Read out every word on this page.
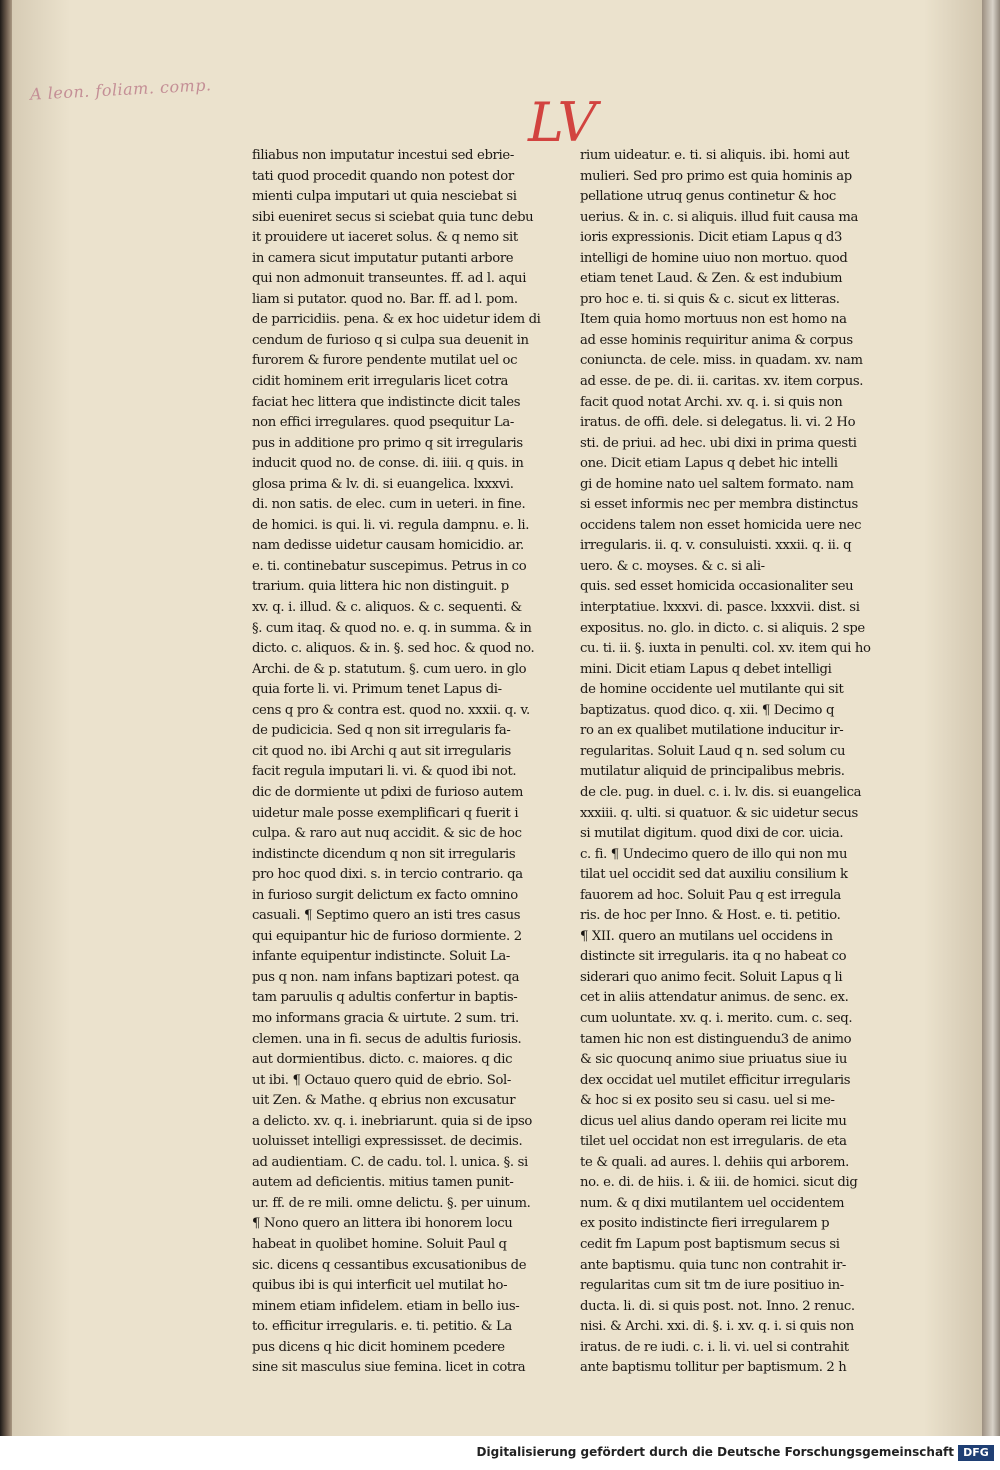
A leon. foliam. comp.
LV
filiabus non imputatur incestui sed ebrie-
tati quod procedit quando non potest dor
mienti culpa imputari ut quia nesciebat si
sibi eueniret secus si sciebat quia tunc debu
it prouidere ut iaceret solus. & q nemo sit
in camera sicut imputatur putanti arbore
qui non admonuit transeuntes. ff. ad l. aqui
liam si putator. quod no. Bar. ff. ad l. pom.
de parricidiis. pena. & ex hoc uidetur idem di
cendum de furioso q si culpa sua deuenit in
furorem & furore pendente mutilat uel oc
cidit hominem erit irregularis licet cotra
faciat hec littera que indistincte dicit tales
non effici irregulares. quod psequitur La-
pus in additione pro primo q sit irregularis
inducit quod no. de conse. di. iiii. q quis. in
glosa prima & lv. di. si euangelica. lxxxvi.
di. non satis. de elec. cum in ueteri. in fine.
de homici. is qui. li. vi. regula dampnu. e. li.
nam dedisse uidetur causam homicidio. ar.
e. ti. continebatur suscepimus. Petrus in co
trarium. quia littera hic non distinguit. p
xv. q. i. illud. & c. aliquos. & c. sequenti. &
§. cum itaq. & quod no. e. q. in summa. & in
dicto. c. aliquos. & in. §. sed hoc. & quod no.
Archi. de & p. statutum. §. cum uero. in glo
quia forte li. vi. Primum tenet Lapus di-
cens q pro & contra est. quod no. xxxii. q. v.
de pudicicia. Sed q non sit irregularis fa-
cit quod no. ibi Archi q aut sit irregularis
facit regula imputari li. vi. & quod ibi not.
dic de dormiente ut pdixi de furioso autem
uidetur male posse exemplificari q fuerit i
culpa. & raro aut nuq accidit. & sic de hoc
indistincte dicendum q non sit irregularis
pro hoc quod dixi. s. in tercio contrario. qa
in furioso surgit delictum ex facto omnino
casuali. ¶ Septimo quero an isti tres casus
qui equipantur hic de furioso dormiente. 2
infante equipentur indistincte. Soluit La-
pus q non. nam infans baptizari potest. qa
tam paruulis q adultis confertur in baptis-
mo informans gracia & uirtute. 2 sum. tri.
clemen. una in fi. secus de adultis furiosis.
aut dormientibus. dicto. c. maiores. q dic
ut ibi. ¶ Octauo quero quid de ebrio. Sol-
uit Zen. & Mathe. q ebrius non excusatur
a delicto. xv. q. i. inebriarunt. quia si de ipso
uoluisset intelligi expressisset. de decimis.
ad audientiam. C. de cadu. tol. l. unica. §. si
autem ad deficientis. mitius tamen punit-
ur. ff. de re mili. omne delictu. §. per uinum.
¶ Nono quero an littera ibi honorem locu
habeat in quolibet homine. Soluit Paul q
sic. dicens q cessantibus excusationibus de
quibus ibi is qui interficit uel mutilat ho-
minem etiam infidelem. etiam in bello ius-
to. efficitur irregularis. e. ti. petitio. & La
pus dicens q hic dicit hominem pcedere
sine sit masculus siue femina. licet in cotra
rium uideatur. e. ti. si aliquis. ibi. homi aut
mulieri. Sed pro primo est quia hominis ap
pellatione utruq genus continetur & hoc
uerius. & in. c. si aliquis. illud fuit causa ma
ioris expressionis. Dicit etiam Lapus q d3
intelligi de homine uiuo non mortuo. quod
etiam tenet Laud. & Zen. & est indubium
pro hoc e. ti. si quis & c. sicut ex litteras.
Item quia homo mortuus non est homo na
ad esse hominis requiritur anima & corpus
coniuncta. de cele. miss. in quadam. xv. nam
ad esse. de pe. di. ii. caritas. xv. item corpus.
facit quod notat Archi. xv. q. i. si quis non
iratus. de offi. dele. si delegatus. li. vi. 2 Ho
sti. de priui. ad hec. ubi dixi in prima questi
one. Dicit etiam Lapus q debet hic intelli
gi de homine nato uel saltem formato. nam
si esset informis nec per membra distinctus
occidens talem non esset homicida uere nec
irregularis. ii. q. v. consuluisti. xxxii. q. ii. q
uero. & c. moyses. & c. si ali-
quis. sed esset homicida occasionaliter seu
interptatiue. lxxxvi. di. pasce. lxxxvii. dist. si
expositus. no. glo. in dicto. c. si aliquis. 2 spe
cu. ti. ii. §. iuxta in penulti. col. xv. item qui ho
mini. Dicit etiam Lapus q debet intelligi
de homine occidente uel mutilante qui sit
baptizatus. quod dico. q. xii. ¶ Decimo q
ro an ex qualibet mutilatione inducitur ir-
regularitas. Soluit Laud q n. sed solum cu
mutilatur aliquid de principalibus mebris.
de cle. pug. in duel. c. i. lv. dis. si euangelica
xxxiii. q. ulti. si quatuor. & sic uidetur secus
si mutilat digitum. quod dixi de cor. uicia.
c. fi. ¶ Undecimo quero de illo qui non mu
tilat uel occidit sed dat auxiliu consilium k
fauorem ad hoc. Soluit Pau q est irregula
ris. de hoc per Inno. & Host. e. ti. petitio.
¶ XII. quero an mutilans uel occidens in
distincte sit irregularis. ita q no habeat co
siderari quo animo fecit. Soluit Lapus q li
cet in aliis attendatur animus. de senc. ex.
cum uoluntate. xv. q. i. merito. cum. c. seq.
tamen hic non est distinguendu3 de animo
& sic quocunq animo siue priuatus siue iu
dex occidat uel mutilet efficitur irregularis
& hoc si ex posito seu si casu. uel si me-
dicus uel alius dando operam rei licite mu
tilet uel occidat non est irregularis. de eta
te & quali. ad aures. l. dehiis qui arborem.
no. e. di. de hiis. i. & iii. de homici. sicut dig
num. & q dixi mutilantem uel occidentem
ex posito indistincte fieri irregularem p
cedit fm Lapum post baptismum secus si
ante baptismu. quia tunc non contrahit ir-
regularitas cum sit tm de iure positiuo in-
ducta. li. di. si quis post. not. Inno. 2 renuc.
nisi. & Archi. xxi. di. §. i. xv. q. i. si quis non
iratus. de re iudi. c. i. li. vi. uel si contrahit
ante baptismu tollitur per baptismum. 2 h
Digitalisierung gefördert durch die Deutsche Forschungsgemeinschaft DFG
